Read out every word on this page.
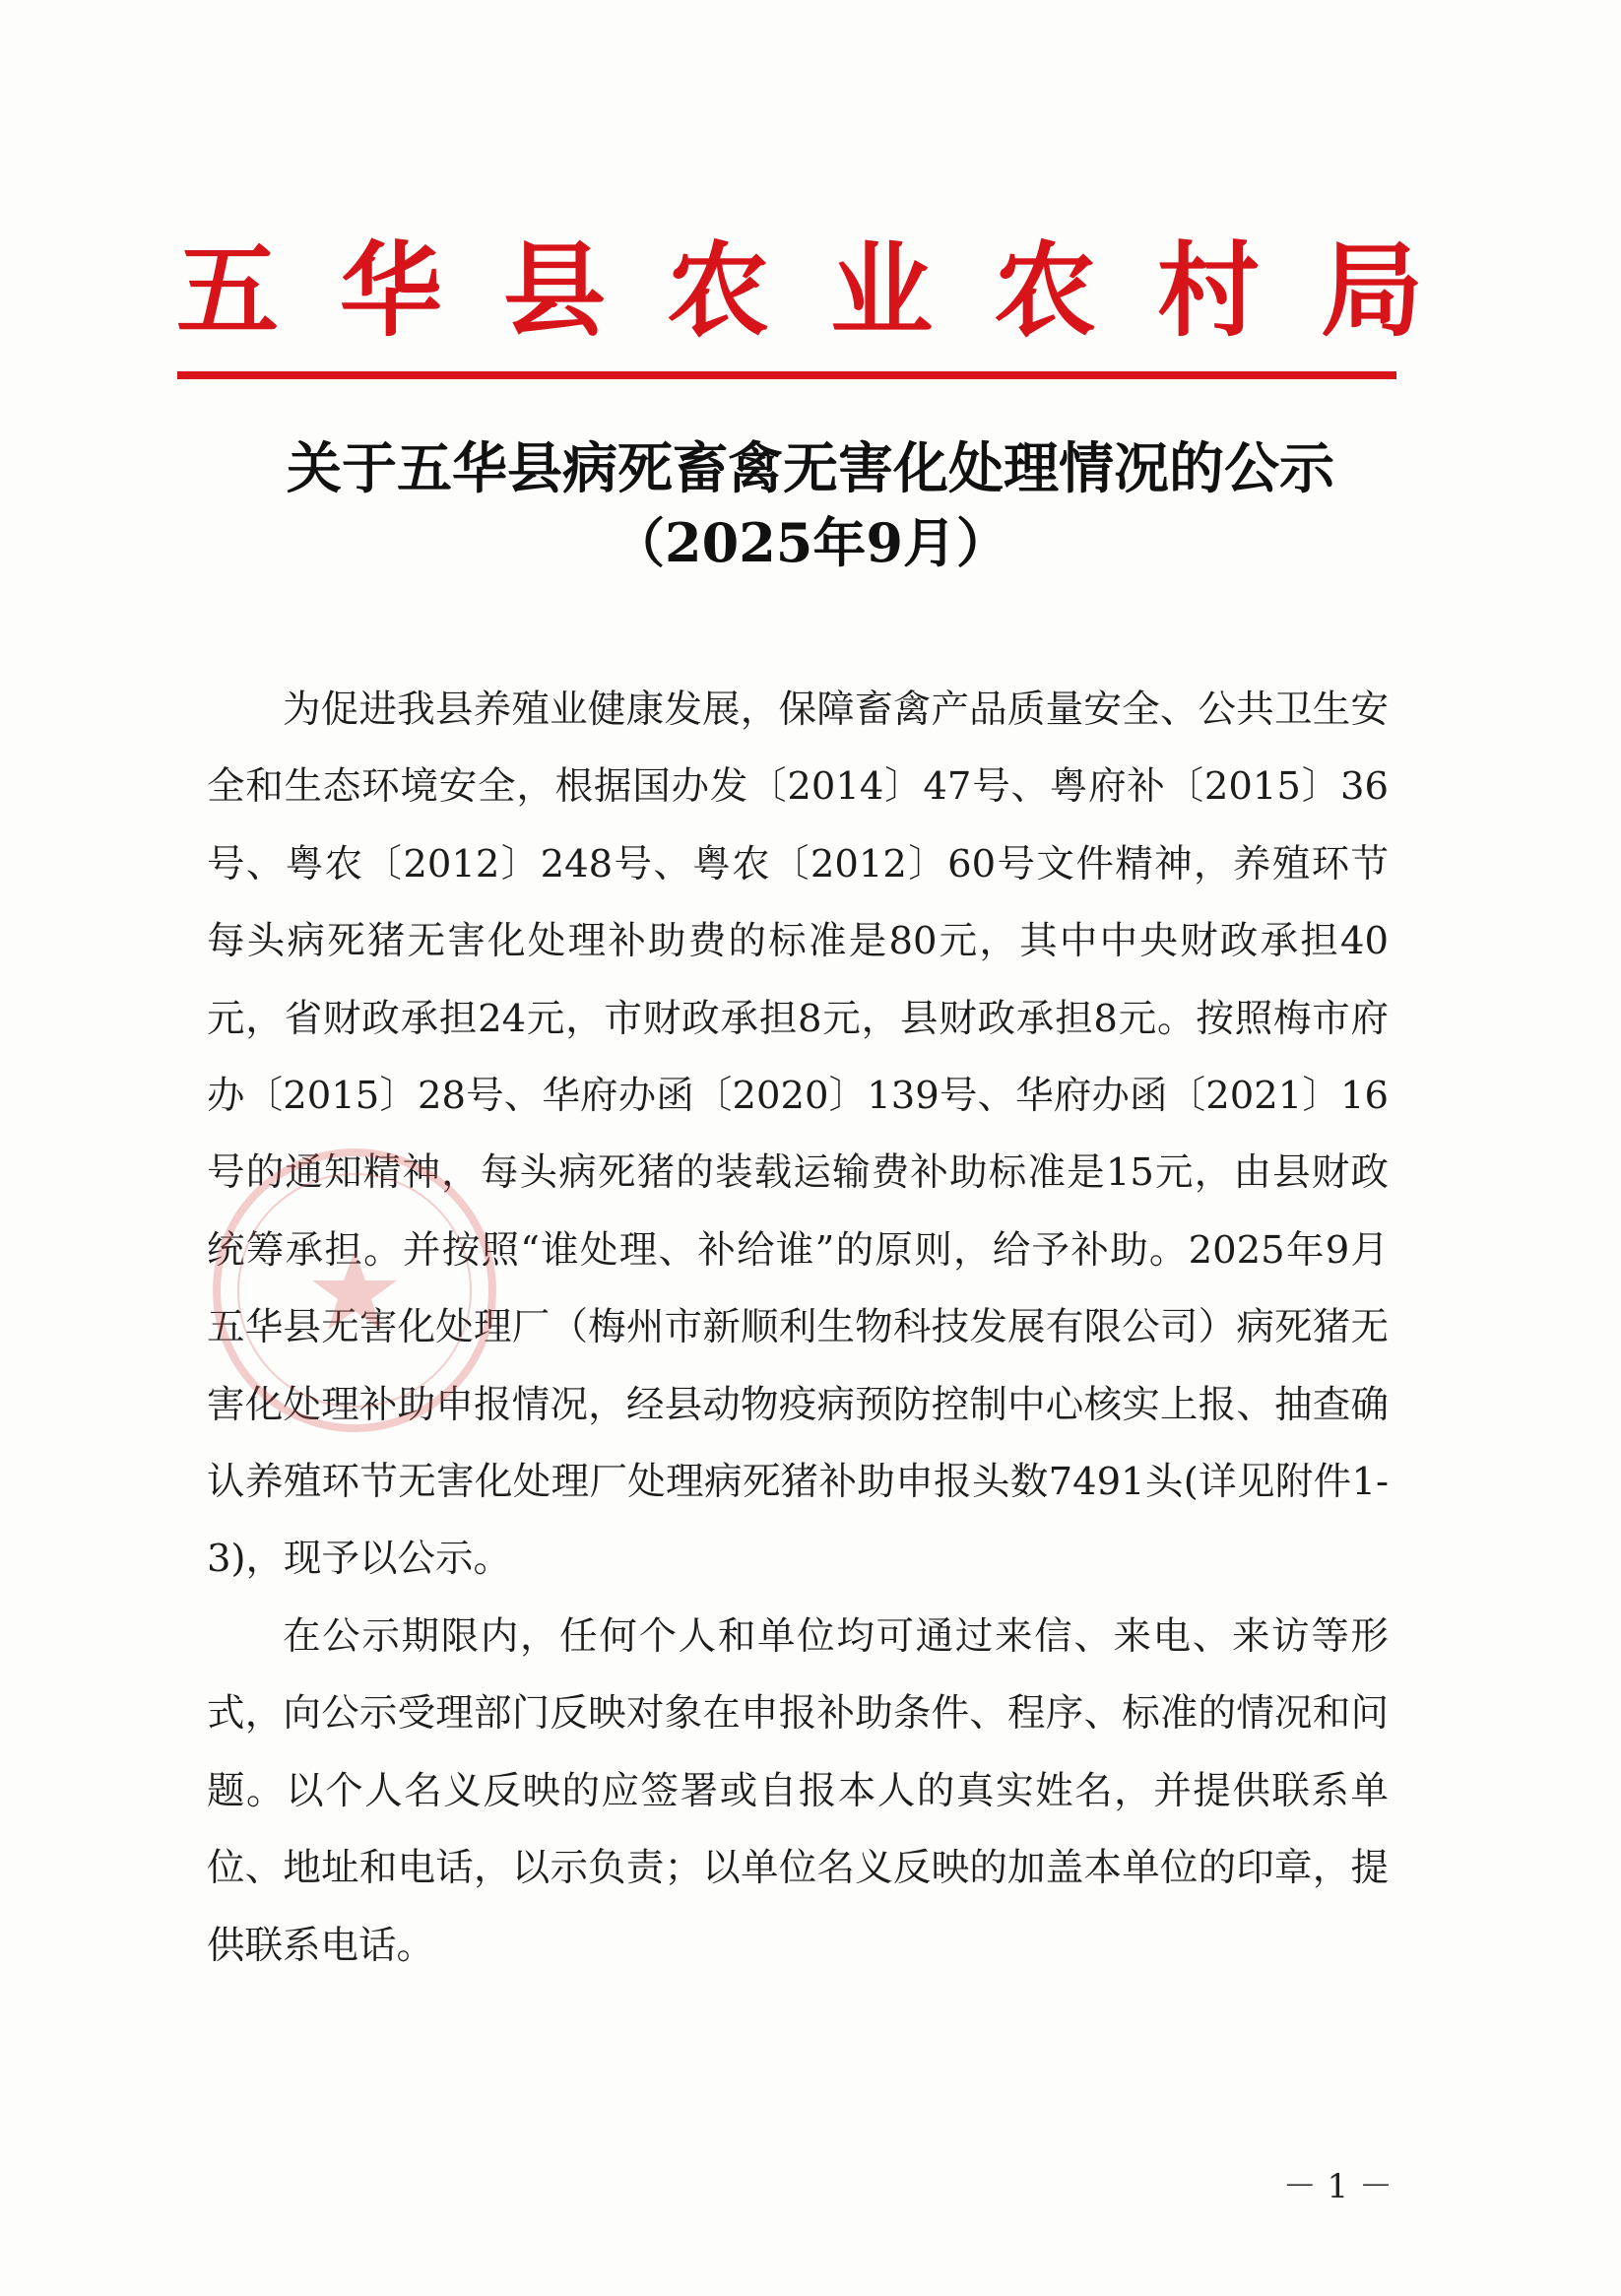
五华县农业农村局
关于五华县病死畜禽无害化处理情况的公示
（2025年9月）

为促进我县养殖业健康发展，保障畜禽产品质量安全、公共卫生安全和生态环境安全，根据国办发〔2014〕47号、粤府补〔2015〕36号、粤农〔2012〕248号、粤农〔2012〕60号文件精神，养殖环节每头病死猪无害化处理补助费的标准是80元，其中中央财政承担40元，省财政承担24元，市财政承担8元，县财政承担8元。按照梅市府办〔2015〕28号、华府办函〔2020〕139号、华府办函〔2021〕16号的通知精神，每头病死猪的装载运输费补助标准是15元，由县财政统筹承担。并按照“谁处理、补给谁”的原则，给予补助。2025年9月五华县无害化处理厂（梅州市新顺利生物科技发展有限公司）病死猪无害化处理补助申报情况，经县动物疫病预防控制中心核实上报、抽查确认养殖环节无害化处理厂处理病死猪补助申报头数7491头(详见附件1-3)，现予以公示。

在公示期限内，任何个人和单位均可通过来信、来电、来访等形式，向公示受理部门反映对象在申报补助条件、程序、标准的情况和问题。以个人名义反映的应签署或自报本人的真实姓名，并提供联系单位、地址和电话，以示负责；以单位名义反映的加盖本单位的印章，提供联系电话。

－ 1 －
